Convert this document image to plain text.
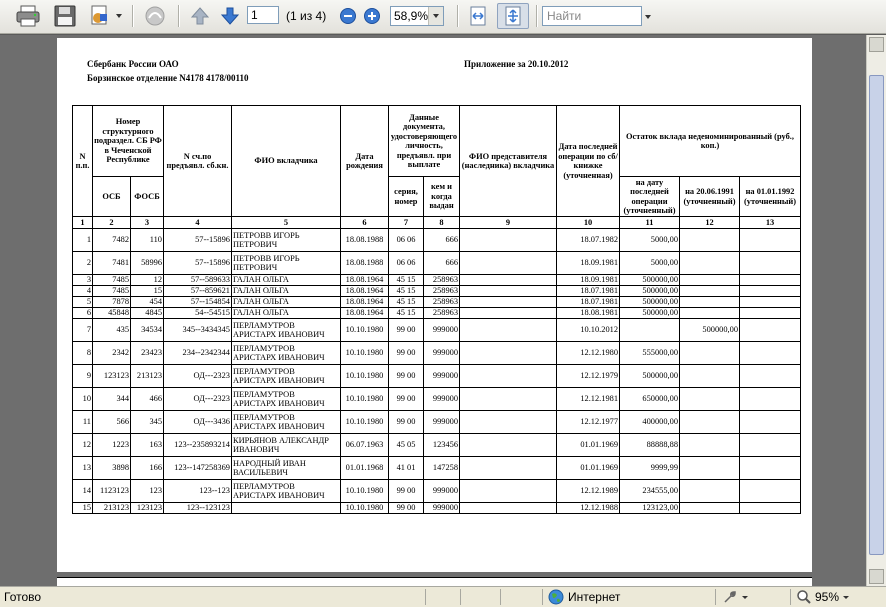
1
(1 из 4)	58,9%	Найти
Сбербанк России ОАО
Борзинское отделение N4178 4178/00110
Приложение за 20.10.2012
N п.п.	Номер структурного подраздел. СБ РФ в Чеченской Республике		N сч.по предъявл. сб.кн.	ФИО вкладчика	Дата рождения	Данные документа, удостоверяющего личность, предъявл. при выплате		ФИО представителя (наследника) вкладчика	Дата последней операции по сб/книжке (уточненная)	Остаток вклада неденоминированный (руб., коп.)		
	ОСБ	ФОСБ				серия, номер	кем и когда выдан			на дату последней операции (уточненный)	на 20.06.1991 (уточненный)	на 01.01.1992 (уточненный)
1	2	3	4	5	6	7	8	9	10	11	12	13
1	7482	110	57--15896	ПЕТРОВВ ИГОРЬ ПЕТРОВИЧ	18.08.1988	06 06	666		18.07.1982	5000,00		
2	7481	58996	57--15896	ПЕТРОВВ ИГОРЬ ПЕТРОВИЧ	18.08.1988	06 06	666		18.09.1981	5000,00		
3	7485	12	57--589633	ГАЛАН ОЛЬГА	18.08.1964	45 15	258963		18.09.1981	500000,00		
4	7485	15	57--859621	ГАЛАН ОЛЬГА	18.08.1964	45 15	258963		18.07.1981	500000,00		
5	7878	454	57--154854	ГАЛАН ОЛЬГА	18.08.1964	45 15	258963		18.07.1981	500000,00		
6	45848	4845	54--54515	ГАЛАН ОЛЬГА	18.08.1964	45 15	258963		18.08.1981	500000,00		
7	435	34534	345--3434345	ПЕРЛАМУТРОВ АРИСТАРХ ИВАНОВИЧ	10.10.1980	99 00	999000		10.10.2012		500000,00	
8	2342	23423	234--2342344	ПЕРЛАМУТРОВ АРИСТАРХ ИВАНОВИЧ	10.10.1980	99 00	999000		12.12.1980	555000,00		
9	123123	213123	ОД---2323	ПЕРЛАМУТРОВ АРИСТАРХ ИВАНОВИЧ	10.10.1980	99 00	999000		12.12.1979	500000,00		
10	344	466	ОД---2323	ПЕРЛАМУТРОВ АРИСТАРХ ИВАНОВИЧ	10.10.1980	99 00	999000		12.12.1981	650000,00		
11	566	345	ОД---3436	ПЕРЛАМУТРОВ АРИСТАРХ ИВАНОВИЧ	10.10.1980	99 00	999000		12.12.1977	400000,00		
12	1223	163	123--235893214	КИРЬЯНОВ АЛЕКСАНДР ИВАНОВИЧ	06.07.1963	45 05	123456		01.01.1969	88888,88		
13	3898	166	123--147258369	НАРОДНЫЙ ИВАН ВАСИЛЬЕВИЧ	01.01.1968	41 01	147258		01.01.1969	9999,99		
14	1123123	123	123--123	ПЕРЛАМУТРОВ АРИСТАРХ ИВАНОВИЧ	10.10.1980	99 00	999000		12.12.1989	234555,00		
15	213123	123123	123--123123		10.10.1980	99 00	999000		12.12.1988	123123,00		
Готово	Интернет	95%
